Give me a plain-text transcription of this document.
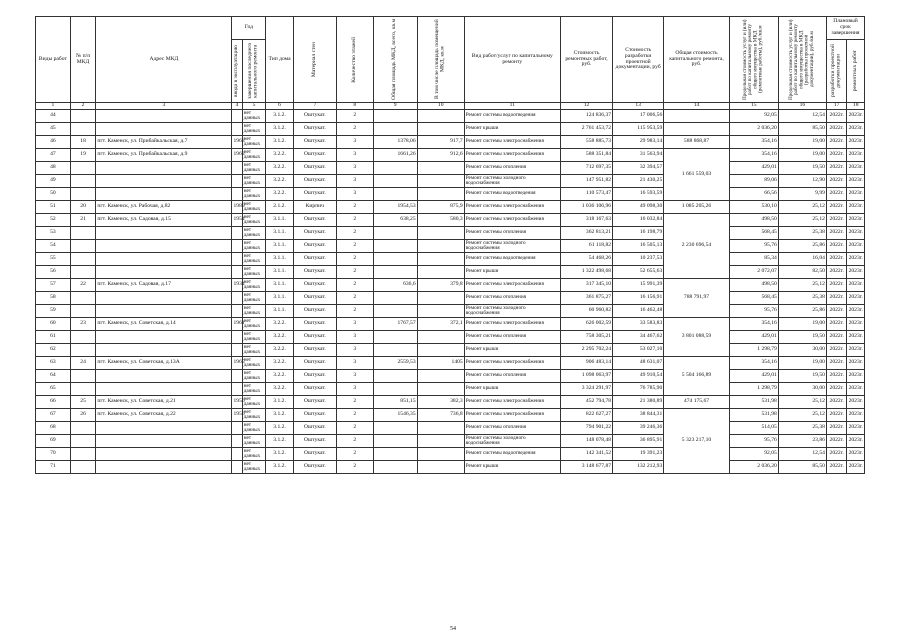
Виды работ	№ п/п МКД	Адрес МКД	Год		Тип дома	Материал стен	Количество этажей	Общая площадь МКД, всего, кв.м	В том числе площадь помещений МКД, кв.м	Вид работ/услуг по капитальному ремонту	Стоимость ремонтных работ, руб.	Стоимость разработки проектной документации, руб	Общая стоимость капитального ремонта, руб.	Предельная стоимость услуг и (или) работ по капитальному ремонту общего имущества в МКД (ремонтные работы), руб./кв.м	Предельная стоимость услуг и (или) работ по капитальному ремонту общего имущества в МКД (разработка проектной документации), руб./кв.м	Плановый срок завершения	

			ввода в эксплуатацию	завершения последнего капитального ремонта												разработки проектной документации	ремонтных работ

1	2	3	4	5	6	7	8	9	10	11	12	13	14	15	16	17	18
44				нет данных	3.1.2.	Оштукат.	2			Ремонт системы водоотведения	124 836,37	17 006,56		92,05	12,54	2022г.	2023г.
45				нет данных	3.1.2.	Оштукат.	2			Ремонт крыши	2 761 453,72	115 953,59		2 036,20	85,50	2022г.	2023г.
46	18	пгт. Каменск, ул. Прибайкальская, д.7	1963	нет данных	3.1.2.	Оштукат.	3	1378,06	917,7	Ремонт системы электроснабжения	558 885,73	29 983,14	588 868,87	354,16	19,00	2022г.	2023г.
47	19	пгт. Каменск, ул. Прибайкальская, д.9	1963	нет данных	3.2.2.	Оштукат.	3	1661,26	912,6	Ремонт системы электроснабжения	588 351,84	31 563,94	1 661 559,03	354,16	19,00	2022г.	2023г.
48				нет данных	3.2.2.	Оштукат.	3			Ремонт системы отопления	712 697,35	32 394,57		429,01	19,50	2022г.	2023г.
49				нет данных	3.2.2.	Оштукат.	3			Ремонт системы холодного водоснабжения	147 951,82	21 430,25		89,06	12,90	2022г.	2023г.
50				нет данных	3.2.2.	Оштукат.	3			Ремонт системы водоотведения	110 573,47	16 593,59		66,56	9,99	2022г.	2023г.
51	20	пгт. Каменск, ул. Рабочая, д.82	1989	нет данных	2.1.2.	Кирпич	2	1954,53	875,9	Ремонт системы электроснабжения	1 036 106,96	49 098,30	1 085 205,26	530,10	25,12	2022г.	2023г.
52	21	пгт. Каменск, ул. Садовая, д.15	1954	нет данных	3.1.1.	Оштукат.	2	638,25	580,3	Ремонт системы электроснабжения	318 167,63	16 032,84	2 230 696,54	498,50	25,12	2022г.	2023г.
53				нет данных	3.1.1.	Оштукат.	2			Ремонт системы отопления	362 813,21	16 198,79		568,45	25,38	2022г.	2023г.
54				нет данных	3.1.1.	Оштукат.	2			Ремонт системы холодного водоснабжения	61 118,82	16 505,13		95,76	25,86	2022г.	2023г.
55				нет данных	3.1.1.	Оштукат.	2			Ремонт системы водоотведения	54 468,26	10 237,53		85,34	16,04	2022г.	2023г.
56				нет данных	3.1.1.	Оштукат.	2			Ремонт крыши	1 322 498,68	52 655,63		2 072,07	82,50	2022г.	2023г.
57	22	пгт. Каменск, ул. Садовая, д.17	1934	нет данных	3.1.1.	Оштукат.	2	636,6	379,8	Ремонт системы электроснабжения	317 345,10	15 991,39	788 791,97	498,50	25,12	2022г.	2023г.
58				нет данных	3.1.1.	Оштукат.	2			Ремонт системы отопления	361 875,27	16 156,91		568,45	25,38	2022г.	2023г.
59				нет данных	3.1.1.	Оштукат.	2			Ремонт системы холодного водоснабжения	60 960,82	16 462,48		95,76	25,86	2022г.	2023г.
60	23	пгт. Каменск, ул. Советская, д.14	1961	нет данных	3.2.2.	Оштукат.	3	1767,57	372,1	Ремонт системы электроснабжения	626 002,59	33 583,83	3 801 088,59	354,16	19,00	2022г.	2023г.
61				нет данных	3.2.2.	Оштукат.	3			Ремонт системы отопления	758 305,21	34 467,62		429,01	19,50	2022г.	2023г.
62				нет данных	3.2.2.	Оштукат.	3			Ремонт крыши	2 295 702,24	53 027,10		1 298,79	30,00	2022г.	2023г.
63	24	пгт. Каменск, ул. Советская, д.13А	1965	нет данных	3.2.2.	Оштукат.	3	2559,53	1405	Ремонт системы электроснабжения	906 483,14	48 631,07	5 504 166,89	354,16	19,00	2022г.	2023г.
64				нет данных	3.2.2.	Оштукат.	3			Ремонт системы отопления	1 098 063,97	49 910,54		429,01	19,50	2022г.	2023г.
65				нет данных	3.2.2.	Оштукат.	3			Ремонт крыши	3 324 291,97	76 785,90		1 298,79	30,00	2022г.	2023г.
66	25	пгт. Каменск, ул. Советская, д.21	1956	нет данных	3.1.2.	Оштукат.	2	851,15	382,3	Ремонт системы электроснабжения	452 794,78	21 380,89	474 175,67	531,98	25,12	2022г.	2023г.
67	26	пгт. Каменск, ул. Советская, д.22	1956	нет данных	3.1.2.	Оштукат.	2	1546,35	736,8	Ремонт системы электроснабжения	822 627,27	38 844,31	5 323 217,10	531,98	25,12	2022г.	2023г.
68				нет данных	3.1.2.	Оштукат.	2			Ремонт системы отопления	794 901,22	39 246,36		514,05	25,38	2022г.	2023г.
69				нет данных	3.1.2.	Оштукат.	2			Ремонт системы холодного водоснабжения	148 078,48	36 895,91		95,76	23,86	2022г.	2023г.
70				нет данных	3.1.2.	Оштукат.	2			Ремонт системы водоотведения	142 341,52	19 391,23		92,05	12,54	2022г.	2023г.
71				нет данных	3.1.2.	Оштукат.	2			Ремонт крыши	3 148 677,87	132 212,93		2 036,20	85,50	2022г.	2023г.
54
